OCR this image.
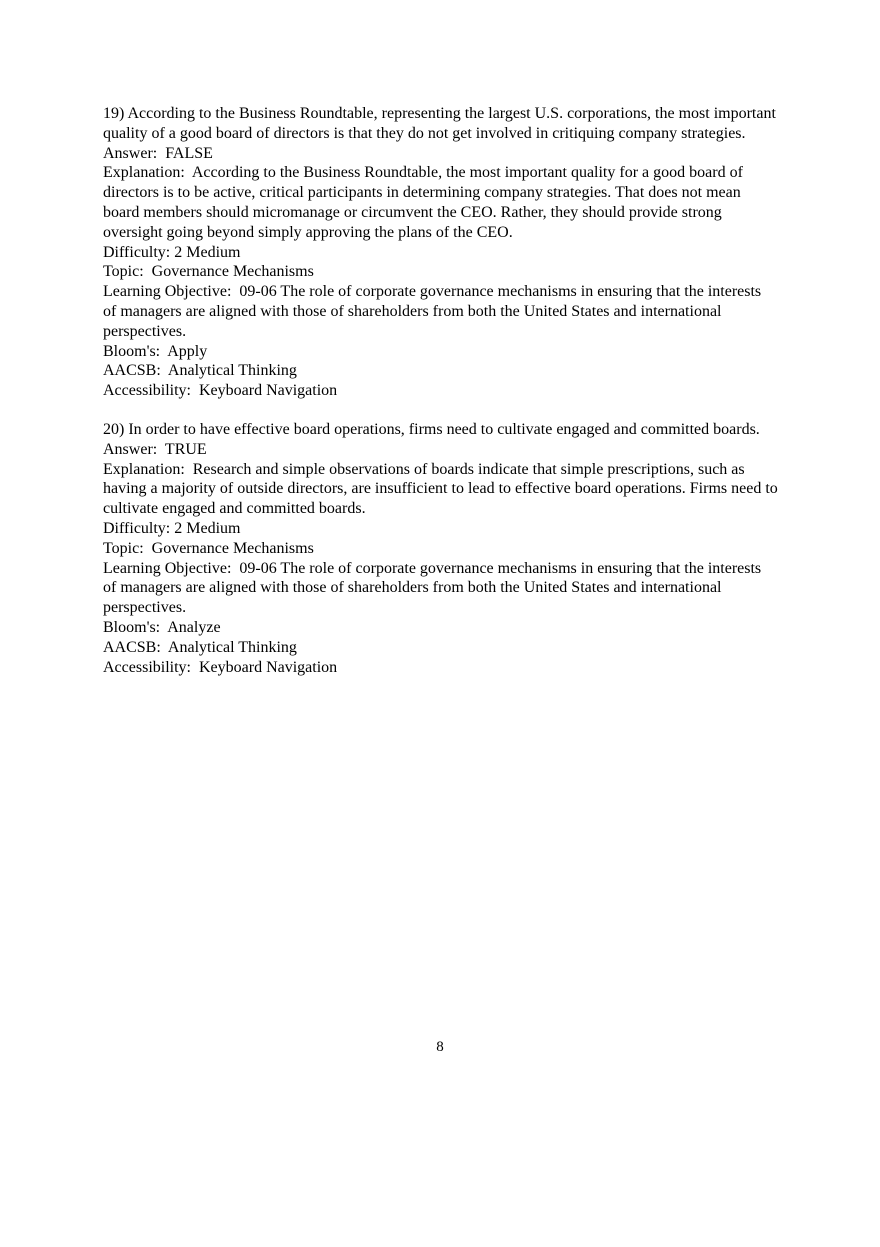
19) According to the Business Roundtable, representing the largest U.S. corporations, the most important quality of a good board of directors is that they do not get involved in critiquing company strategies.

Answer:  FALSE

Explanation:  According to the Business Roundtable, the most important quality for a good board of directors is to be active, critical participants in determining company strategies. That does not mean board members should micromanage or circumvent the CEO. Rather, they should provide strong oversight going beyond simply approving the plans of the CEO.

Difficulty: 2 Medium

Topic:  Governance Mechanisms

Learning Objective:  09-06 The role of corporate governance mechanisms in ensuring that the interests of managers are aligned with those of shareholders from both the United States and international perspectives.

Bloom's:  Apply

AACSB:  Analytical Thinking

Accessibility:  Keyboard Navigation

20) In order to have effective board operations, firms need to cultivate engaged and committed boards.

Answer:  TRUE

Explanation:  Research and simple observations of boards indicate that simple prescriptions, such as having a majority of outside directors, are insufficient to lead to effective board operations. Firms need to cultivate engaged and committed boards.

Difficulty: 2 Medium

Topic:  Governance Mechanisms

Learning Objective:  09-06 The role of corporate governance mechanisms in ensuring that the interests of managers are aligned with those of shareholders from both the United States and international perspectives.

Bloom's:  Analyze

AACSB:  Analytical Thinking

Accessibility:  Keyboard Navigation

8
